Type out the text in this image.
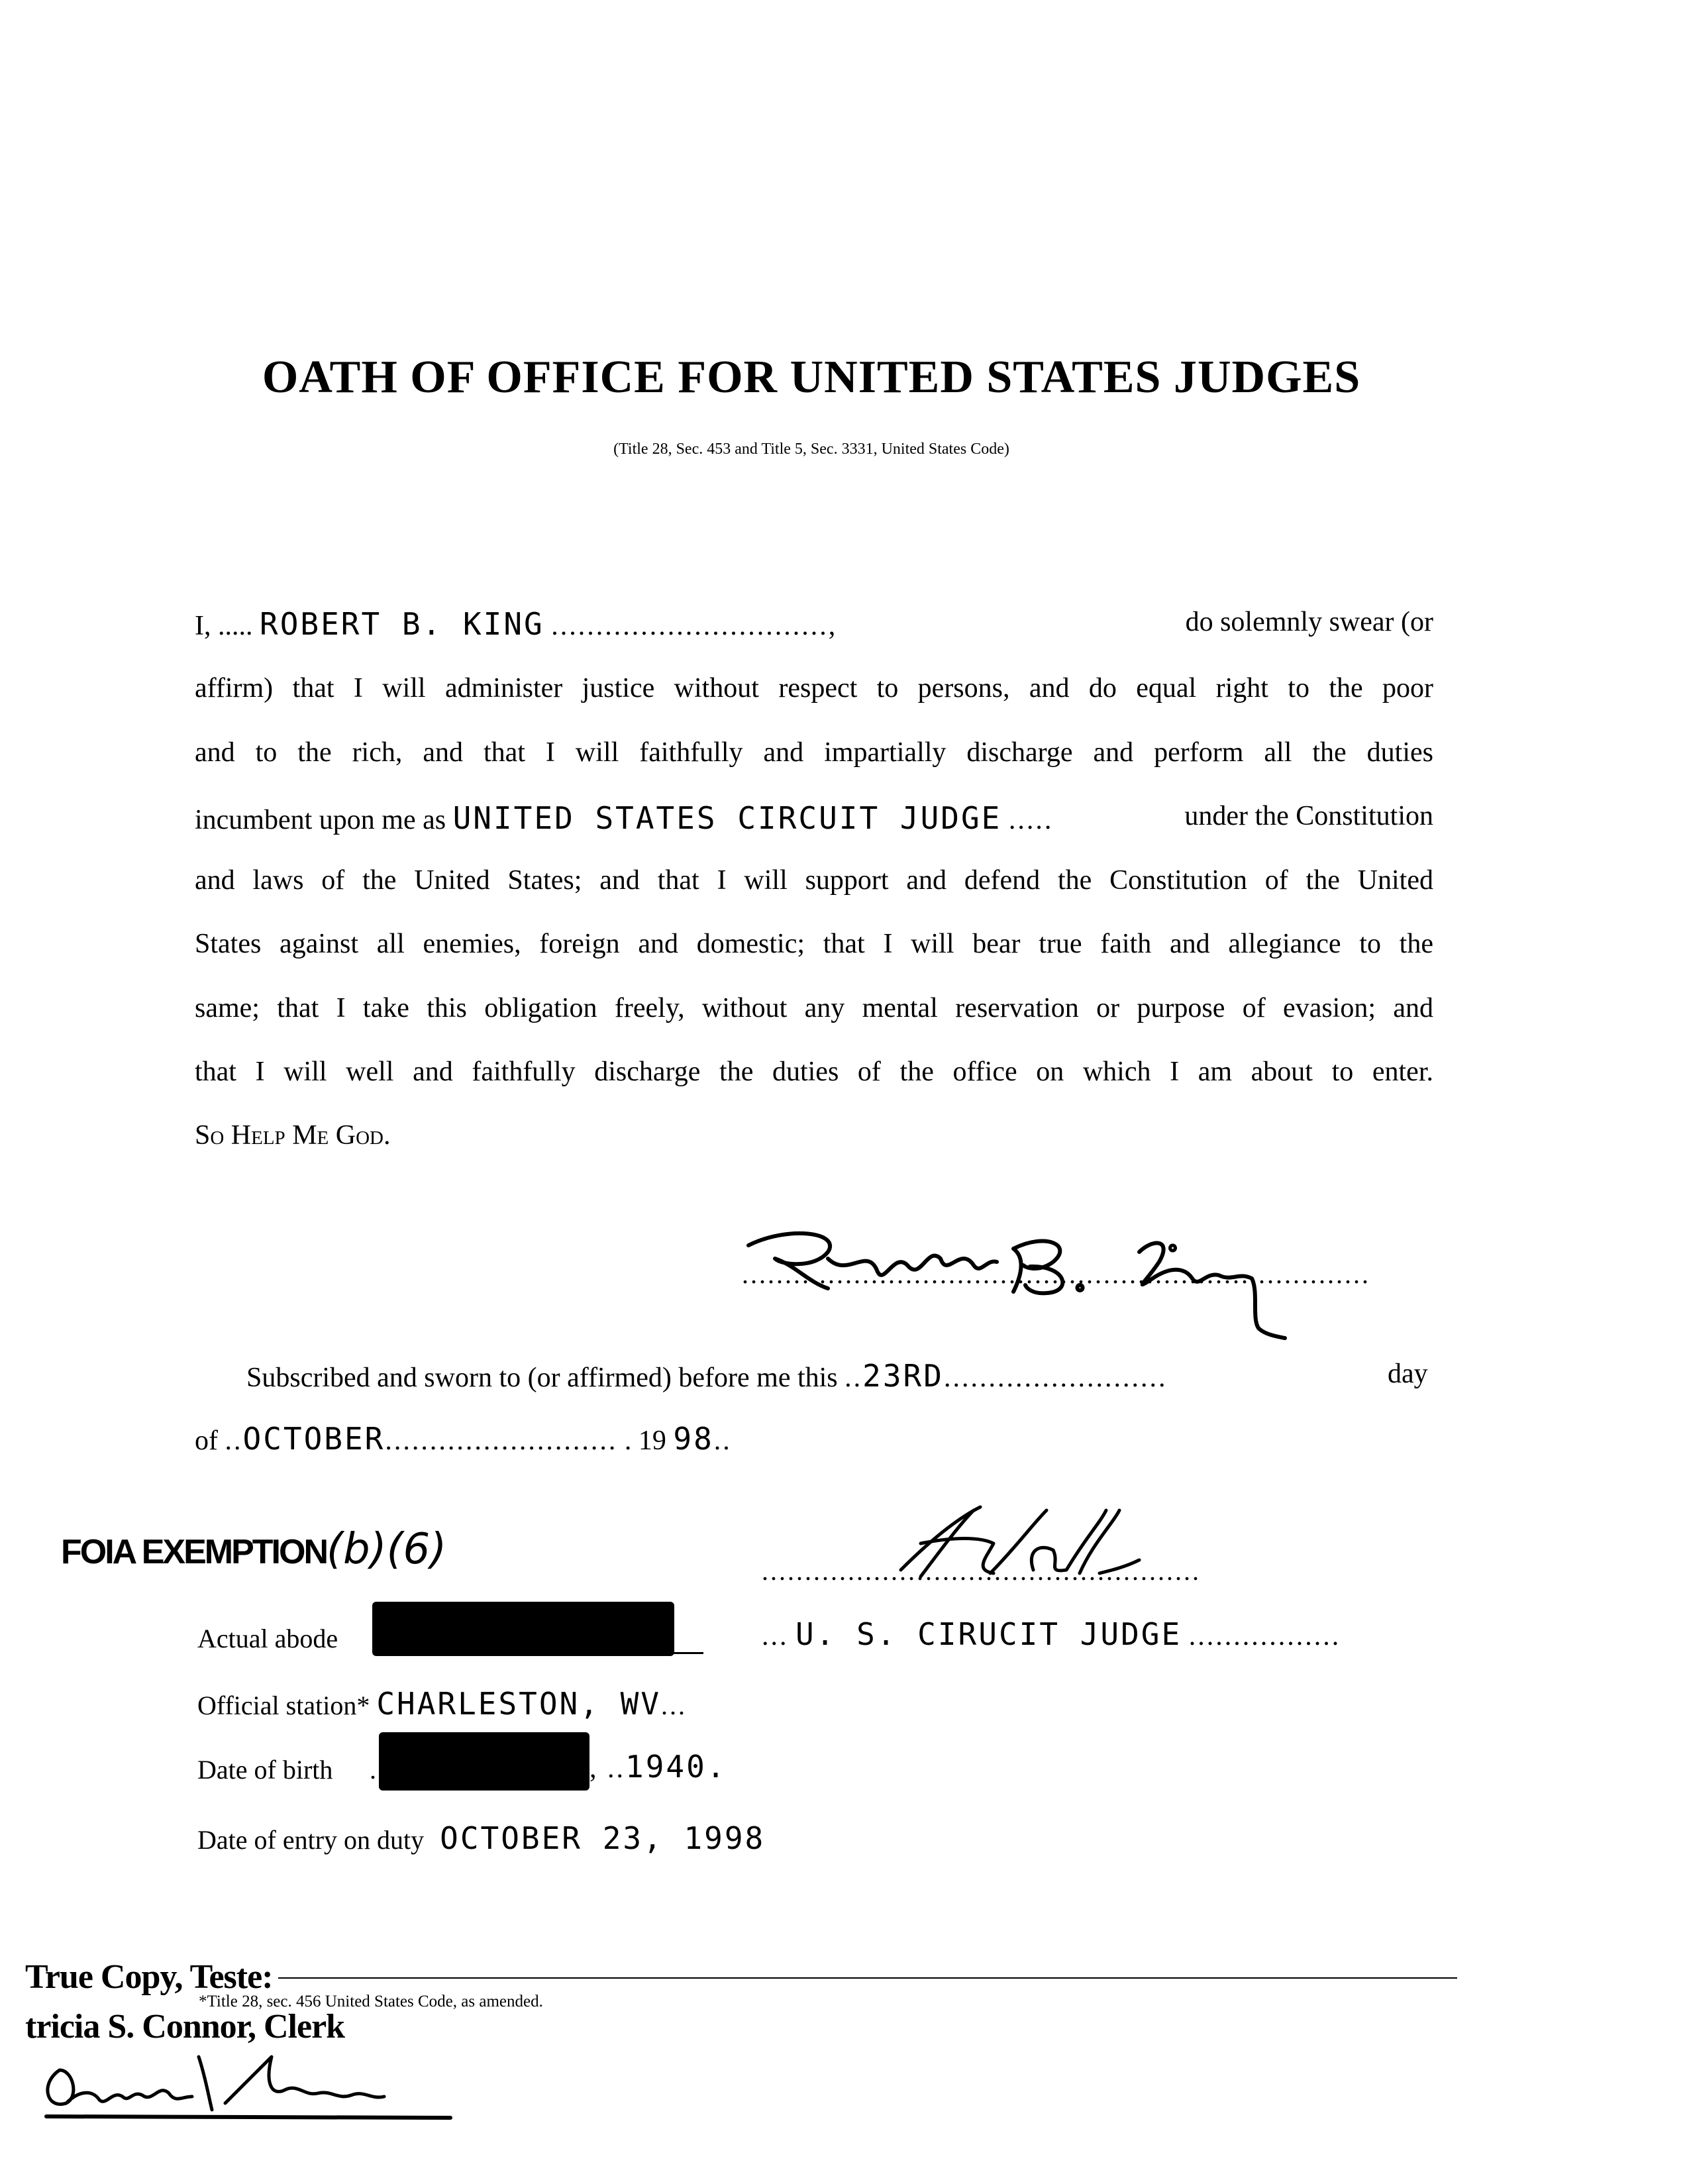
OATH OF OFFICE FOR UNITED STATES JUDGES
(Title 28, Sec. 453 and Title 5, Sec. 3331, United States Code)
I, ..... ROBERT B. KING ...............................,	do solemnly swear (or
affirm) that I will administer justice without respect to persons, and do equal right to the poor
and to the rich, and that I will faithfully and impartially discharge and perform all the duties
incumbent upon me as UNITED STATES CIRCUIT JUDGE .....	under the Constitution
and laws of the United States; and that I will support and defend the Constitution of the United
States against all enemies, foreign and domestic; that I will bear true faith and allegiance to the
same; that I take this obligation freely, without any mental reservation or purpose of evasion; and
that I will well and faithfully discharge the duties of the office on which I am about to enter.
So Help Me God.
.........................................................................
Subscribed and sworn to (or affirmed) before me this ..23RD.........................	day
of ..OCTOBER.......................... . 19 98..
FOIA EXEMPTION(b)(6)	...................................................
... U. S. CIRUCIT JUDGE .................
Actual abode
Official station* CHARLESTON, WV...
Date of birth .	, ..1940.
Date of entry on duty OCTOBER 23, 1998
*Title 28, sec. 456 United States Code, as amended.
True Copy, Teste:
tricia S. Connor, Clerk
